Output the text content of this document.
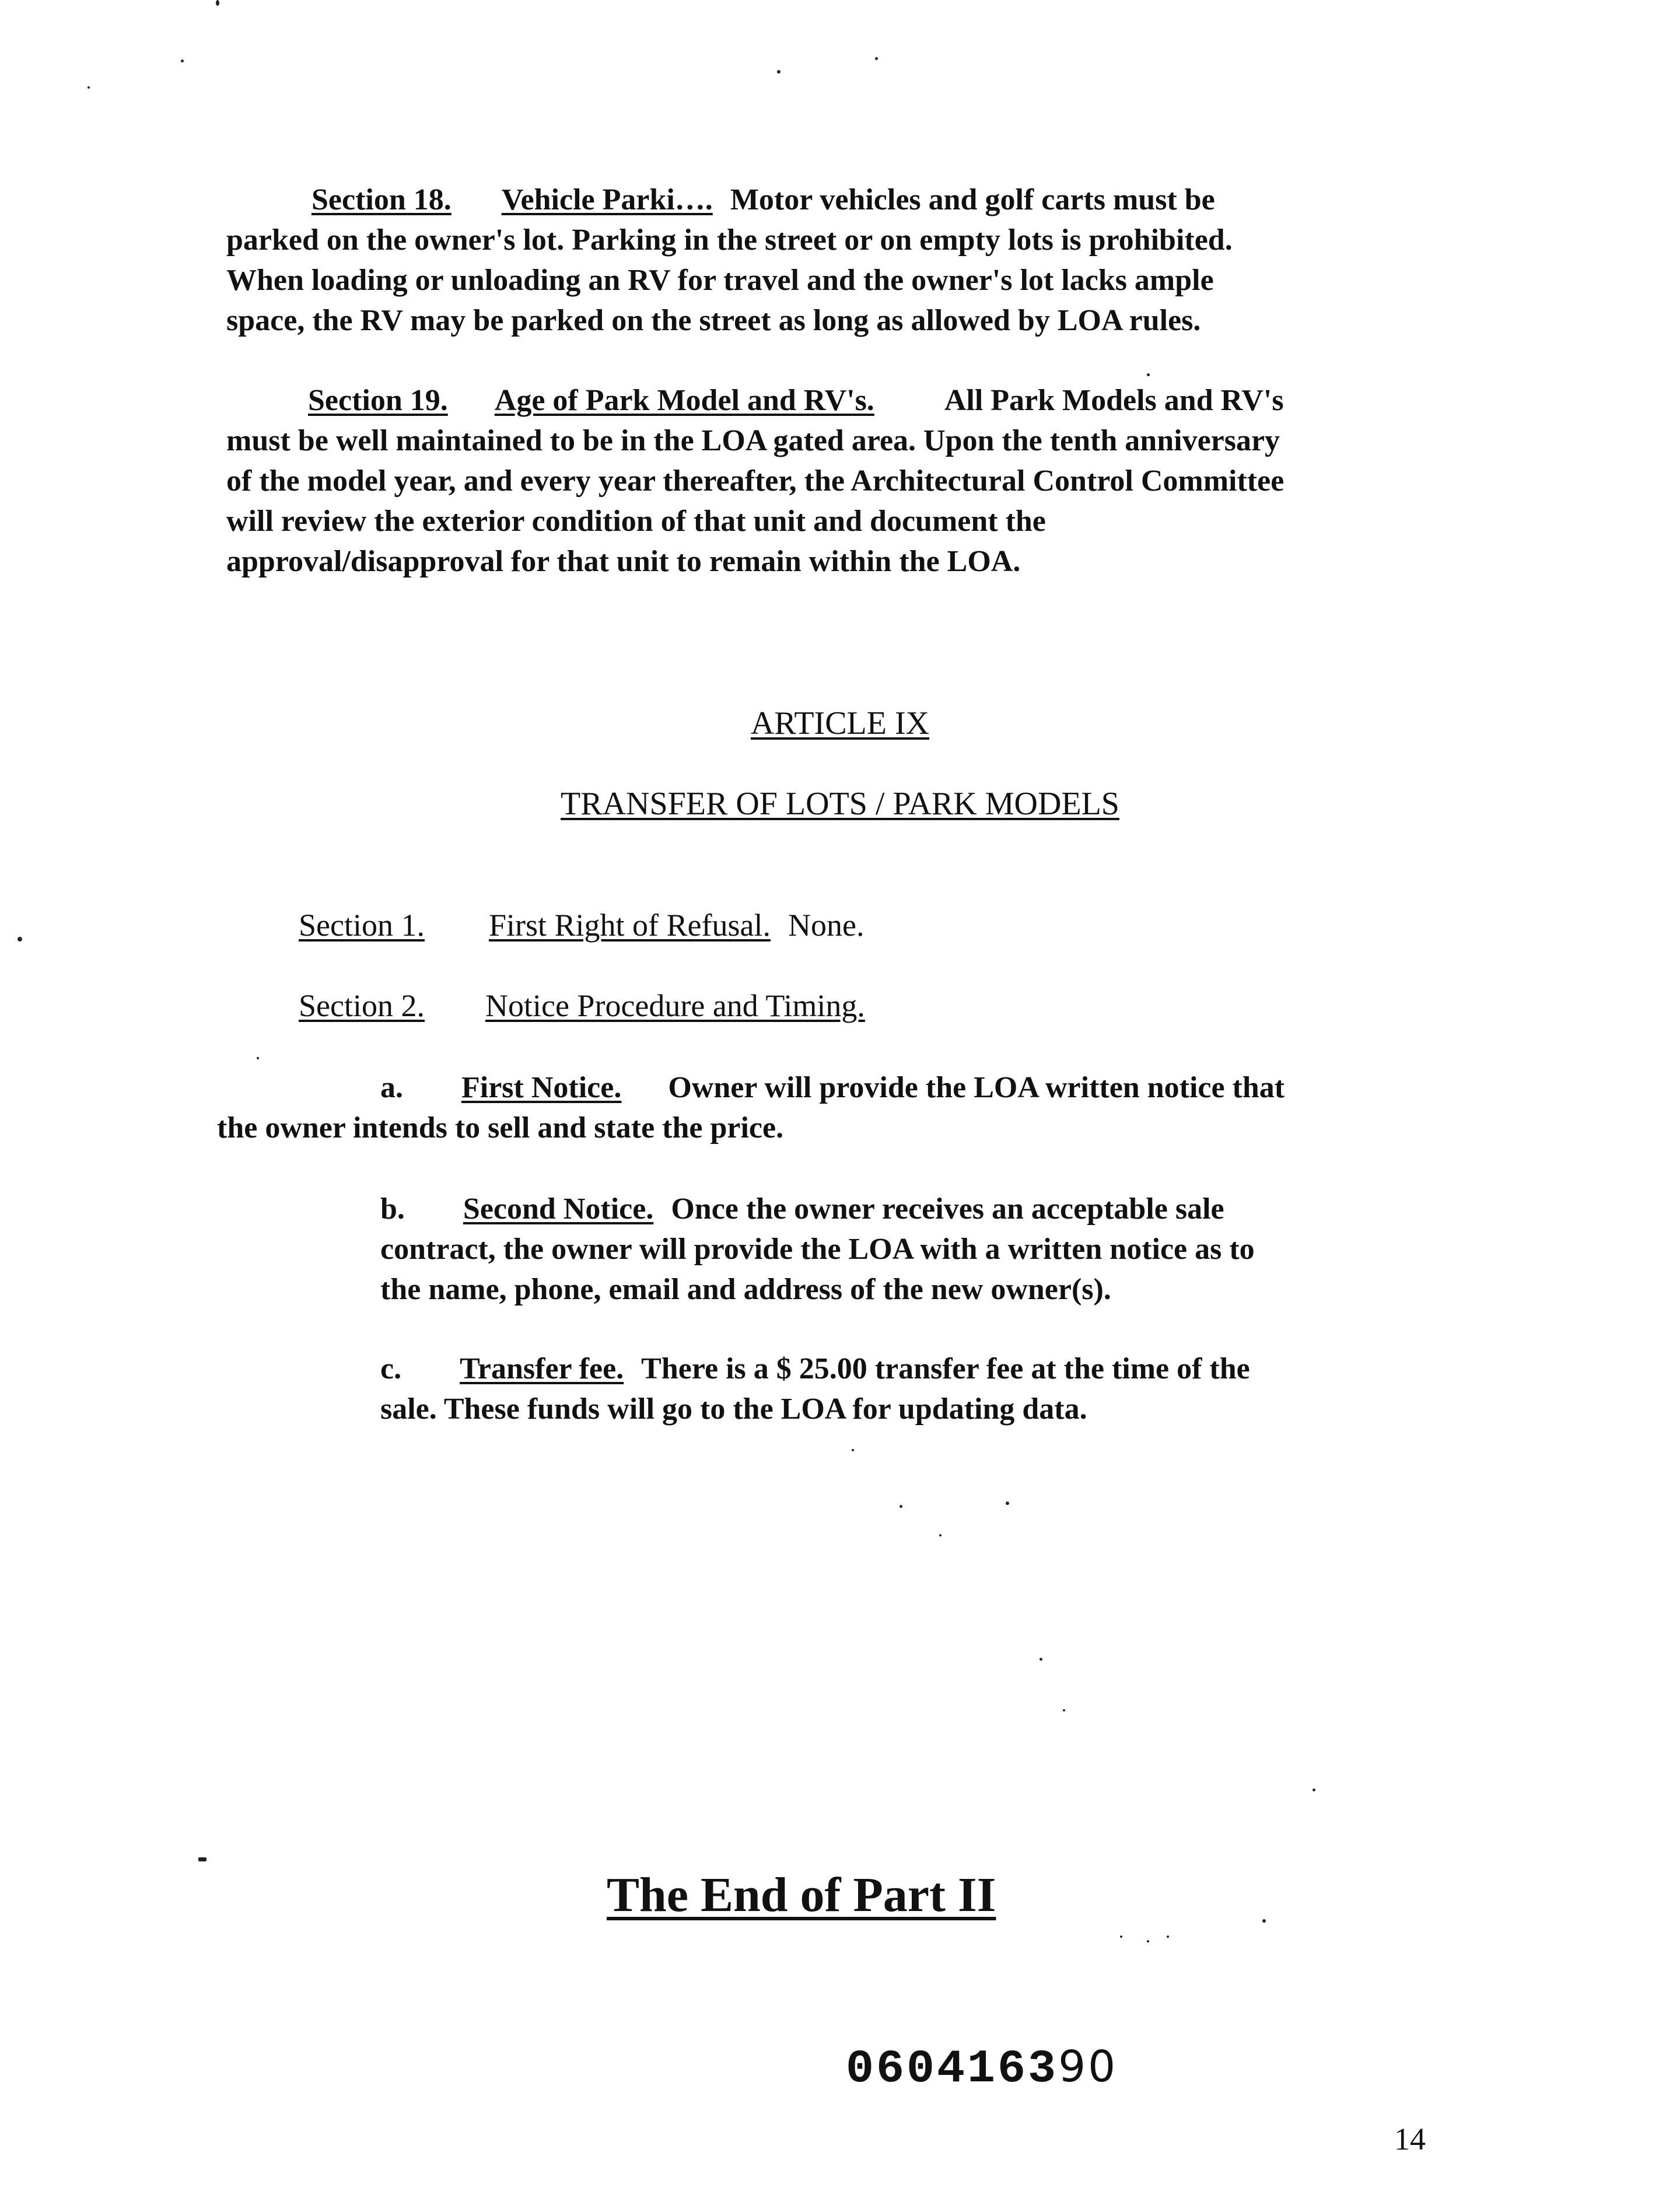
Section 18. Vehicle Parki…. Motor vehicles and golf carts must be
parked on the owner's lot. Parking in the street or on empty lots is prohibited.
When loading or unloading an RV for travel and the owner's lot lacks ample
space, the RV may be parked on the street as long as allowed by LOA rules.
Section 19. Age of Park Model and RV's. All Park Models and RV's
must be well maintained to be in the LOA gated area. Upon the tenth anniversary
of the model year, and every year thereafter, the Architectural Control Committee
will review the exterior condition of that unit and document the
approval/disapproval for that unit to remain within the LOA.
ARTICLE IX
TRANSFER OF LOTS / PARK MODELS
Section 1. First Right of Refusal. None.
Section 2. Notice Procedure and Timing.
a. First Notice. Owner will provide the LOA written notice that
the owner intends to sell and state the price.
b. Second Notice. Once the owner receives an acceptable sale
contract, the owner will provide the LOA with a written notice as to
the name, phone, email and address of the new owner(s).
c. Transfer fee. There is a $ 25.00 transfer fee at the time of the
sale. These funds will go to the LOA for updating data.
The End of Part II
060416390
14
